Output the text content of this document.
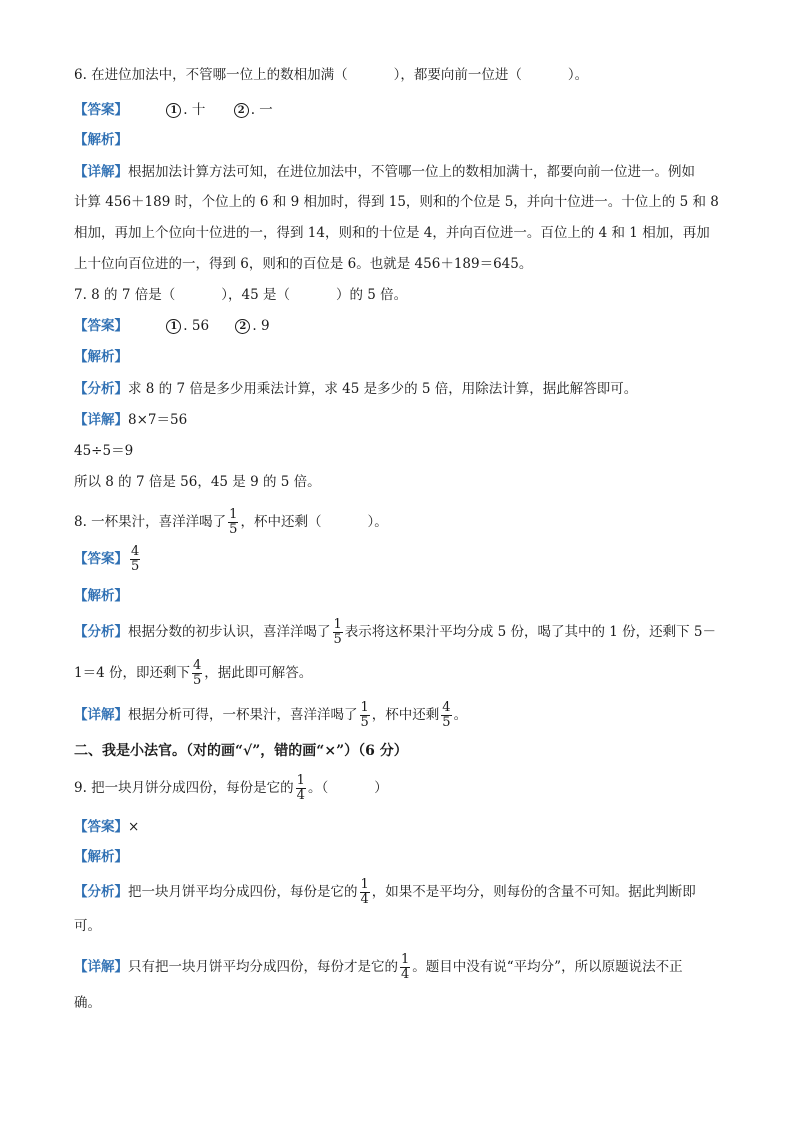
6. 在进位加法中，不管哪一位上的数相加满（	），都要向前一位进（	）。
【答案】	1 . 十	2 . 一
【解析】
【详解】根据加法计算方法可知，在进位加法中，不管哪一位上的数相加满十，都要向前一位进一。例如
计算 456＋189 时，个位上的 6 和 9 相加时，得到 15，则和的个位是 5，并向十位进一。十位上的 5 和 8
相加，再加上个位向十位进的一，得到 14，则和的十位是 4，并向百位进一。百位上的 4 和 1 相加，再加
上十位向百位进的一，得到 6，则和的百位是 6。也就是 456＋189＝645。
7. 8 的 7 倍是（	），45 是（	）的 5 倍。
【答案】	1 . 56	2 . 9
【解析】
【分析】求 8 的 7 倍是多少用乘法计算，求 45 是多少的 5 倍，用除法计算，据此解答即可。
【详解】8×7＝56
45÷5＝9
所以 8 的 7 倍是 56，45 是 9 的 5 倍。
8. 一杯果汁，喜洋洋喝了 $\frac{1}{5}$ ，杯中还剩（	）。
【答案】 $\frac{4}{5}$
【解析】
【分析】根据分数的初步认识，喜洋洋喝了 $\frac{1}{5}$ 表示将这杯果汁平均分成 5 份，喝了其中的 1 份，还剩下 5－
1＝4 份，即还剩下 $\frac{4}{5}$ ，据此即可解答。
【详解】根据分析可得，一杯果汁，喜洋洋喝了 $\frac{1}{5}$ ，杯中还剩 $\frac{4}{5}$ 。
二、我是小法官。（对的画“√”，错的画“×”）（6 分）
9. 把一块月饼分成四份，每份是它的 $\frac{1}{4}$ 。（	）
【答案】×
【解析】
【分析】把一块月饼平均分成四份，每份是它的 $\frac{1}{4}$ ，如果不是平均分，则每份的含量不可知。据此判断即
可。
【详解】只有把一块月饼平均分成四份，每份才是它的 $\frac{1}{4}$ 。题目中没有说“平均分”，所以原题说法不正
确。
